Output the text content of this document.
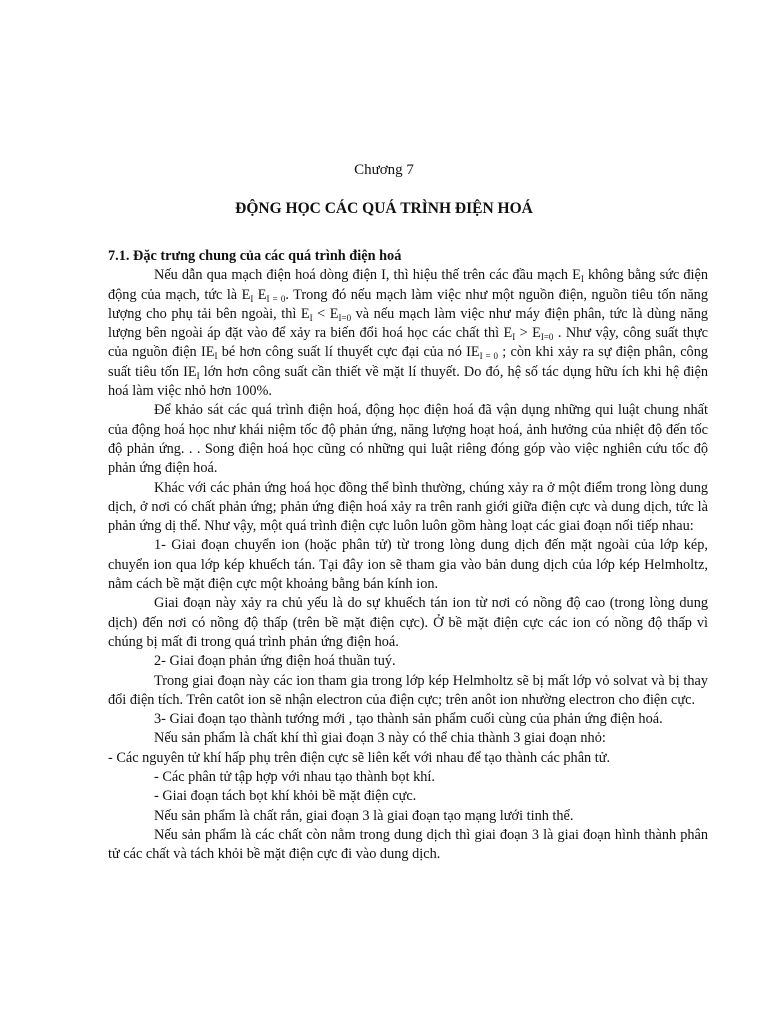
Chương 7
ĐỘNG HỌC CÁC QUÁ TRÌNH ĐIỆN HOÁ

7.1. Đặc trưng chung của các quá trình điện hoá

Nếu dẫn qua mạch điện hoá dòng điện I, thì hiệu thế trên các đầu mạch $E_I$ không bằng sức điện động của mạch, tức là $E_I$ $E_{I = 0}$. Trong đó nếu mạch làm việc như một nguồn điện, nguồn tiêu tốn năng lượng cho phụ tải bên ngoài, thì $E_I < E_{I=0}$ và nếu mạch làm việc như máy điện phân, tức là dùng năng lượng bên ngoài áp đặt vào để xảy ra biến đổi hoá học các chất thì $E_I > E_{I=0}$ . Như vậy, công suất thực của nguồn điện $IE_I$ bé hơn công suất lí thuyết cực đại của nó $IE_{I = 0}$ ; còn khi xảy ra sự điện phân, công suất tiêu tốn $IE_I$ lớn hơn công suất cần thiết về mặt lí thuyết. Do đó, hệ số tác dụng hữu ích khi hệ điện hoá làm việc nhỏ hơn 100%.

Để khảo sát các quá trình điện hoá, động học điện hoá đã vận dụng những qui luật chung nhất của động hoá học như khái niệm tốc độ phản ứng, năng lượng hoạt hoá, ảnh hưởng của nhiệt độ đến tốc độ phản ứng. . . Song điện hoá học cũng có những qui luật riêng đóng góp vào việc nghiên cứu tốc độ phản ứng điện hoá.

Khác với các phản ứng hoá học đồng thể bình thường, chúng xảy ra ở một điểm trong lòng dung dịch, ở nơi có chất phản ứng; phản ứng điện hoá xảy ra trên ranh giới giữa điện cực và dung dịch, tức là phản ứng dị thể. Như vậy, một quá trình điện cực luôn luôn gồm hàng loạt các giai đoạn nối tiếp nhau:

1- Giai đoạn chuyển ion (hoặc phân tử) từ trong lòng dung dịch đến mặt ngoài của lớp kép, chuyển ion qua lớp kép khuếch tán. Tại đây ion sẽ tham gia vào bản dung dịch của lớp kép Helmholtz, nằm cách bề mặt điện cực một khoảng bằng bán kính ion.

Giai đoạn này xảy ra chủ yếu là do sự khuếch tán ion từ nơi có nồng độ cao (trong lòng dung dịch) đến nơi có nồng độ thấp (trên bề mặt điện cực). Ở bề mặt điện cực các ion có nồng độ thấp vì chúng bị mất đi trong quá trình phản ứng điện hoá.

2- Giai đoạn phản ứng điện hoá thuần tuý.

Trong giai đoạn này các ion tham gia trong lớp kép Helmholtz sẽ bị mất lớp vỏ solvat và bị thay đổi điện tích. Trên catôt ion sẽ nhận electron của điện cực; trên anôt ion nhường electron cho điện cực.

3- Giai đoạn tạo thành tướng mới , tạo thành sản phẩm cuối cùng của phản ứng điện hoá.

Nếu sản phẩm là chất khí thì giai đoạn 3 này có thể chia thành 3 giai đoạn nhỏ:

- Các nguyên tử khí hấp phụ trên điện cực sẽ liên kết với nhau để tạo thành các phân tử.

- Các phân tử tập hợp với nhau tạo thành bọt khí.

- Giai đoạn tách bọt khí khỏi bề mặt điện cực.

Nếu sản phẩm là chất rắn, giai đoạn 3 là giai đoạn tạo mạng lưới tinh thể.

Nếu sản phẩm là các chất còn nằm trong dung dịch thì giai đoạn 3 là giai đoạn hình thành phân tử các chất và tách khỏi bề mặt điện cực đi vào dung dịch.
